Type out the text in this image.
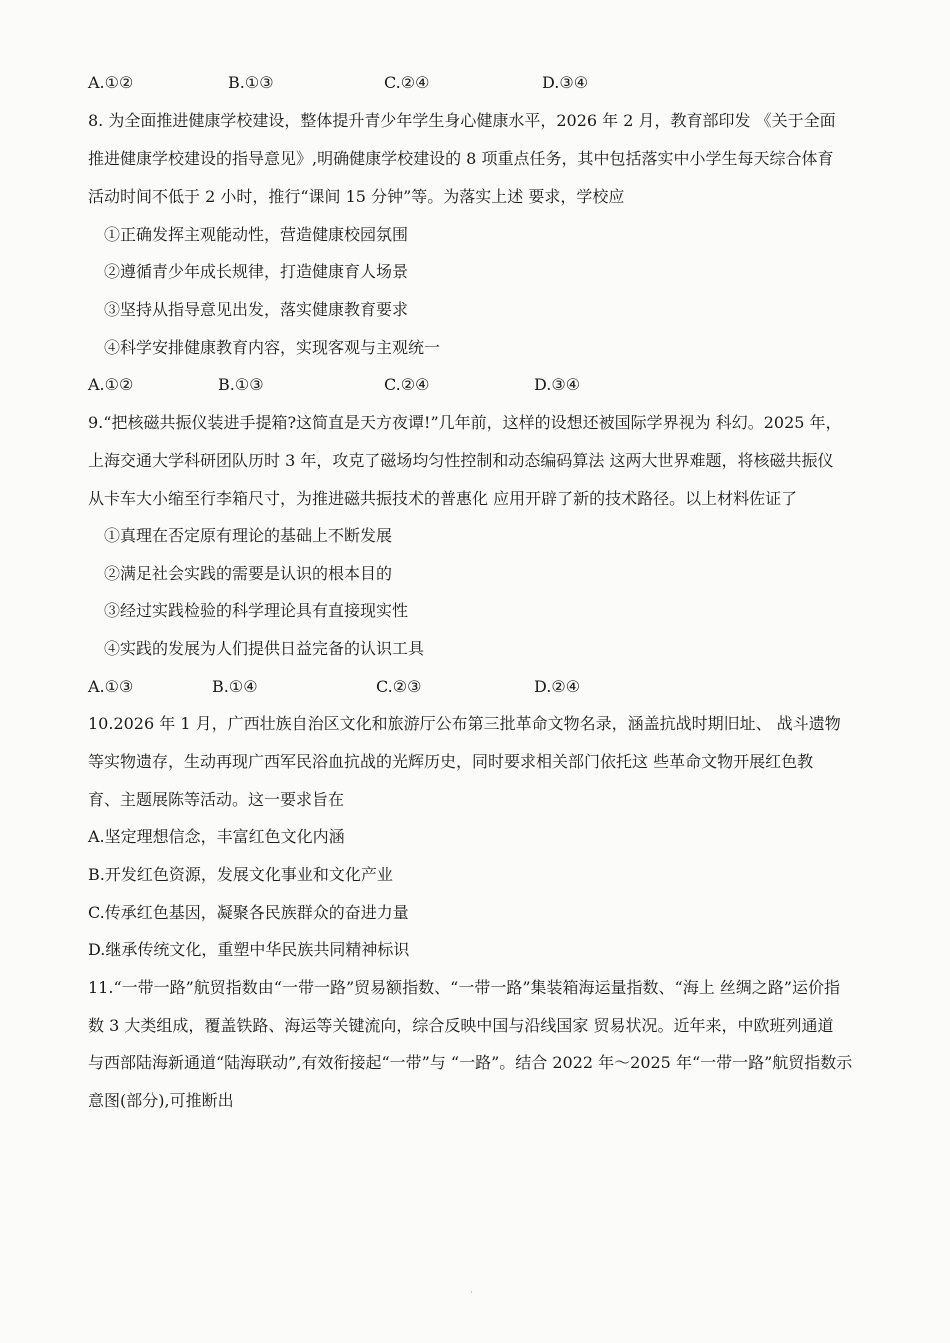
A.①②	B.①③	C.②④	D.③④
8. 为全面推进健康学校建设，整体提升青少年学生身心健康水平，2026 年 2 月，教育部印发 《关于全面
推进健康学校建设的指导意见》,明确健康学校建设的 8 项重点任务，其中包括落实中小学生每天综合体育
活动时间不低于 2 小时，推行“课间 15 分钟”等。为落实上述 要求，学校应
①正确发挥主观能动性，营造健康校园氛围
②遵循青少年成长规律，打造健康育人场景
③坚持从指导意见出发，落实健康教育要求
④科学安排健康教育内容，实现客观与主观统一
A.①②	B.①③	C.②④	D.③④
9.“把核磁共振仪装进手提箱?这简直是天方夜谭!”几年前，这样的设想还被国际学界视为 科幻。2025 年，
上海交通大学科研团队历时 3 年，攻克了磁场均匀性控制和动态编码算法 这两大世界难题，将核磁共振仪
从卡车大小缩至行李箱尺寸，为推进磁共振技术的普惠化 应用开辟了新的技术路径。以上材料佐证了
①真理在否定原有理论的基础上不断发展
②满足社会实践的需要是认识的根本目的
③经过实践检验的科学理论具有直接现实性
④实践的发展为人们提供日益完备的认识工具
A.①③	B.①④	C.②③	D.②④
10.2026 年 1 月，广西壮族自治区文化和旅游厅公布第三批革命文物名录，涵盖抗战时期旧址、 战斗遗物
等实物遗存，生动再现广西军民浴血抗战的光辉历史，同时要求相关部门依托这 些革命文物开展红色教
育、主题展陈等活动。这一要求旨在
A.坚定理想信念，丰富红色文化内涵
B.开发红色资源，发展文化事业和文化产业
C.传承红色基因，凝聚各民族群众的奋进力量
D.继承传统文化，重塑中华民族共同精神标识
11.“一带一路”航贸指数由“一带一路”贸易额指数、“一带一路”集装箱海运量指数、“海上 丝绸之路”运价指
数 3 大类组成，覆盖铁路、海运等关键流向，综合反映中国与沿线国家 贸易状况。近年来，中欧班列通道
与西部陆海新通道“陆海联动”,有效衔接起“一带”与 “一路”。结合 2022 年～2025 年“一带一路”航贸指数示
意图(部分),可推断出
·
